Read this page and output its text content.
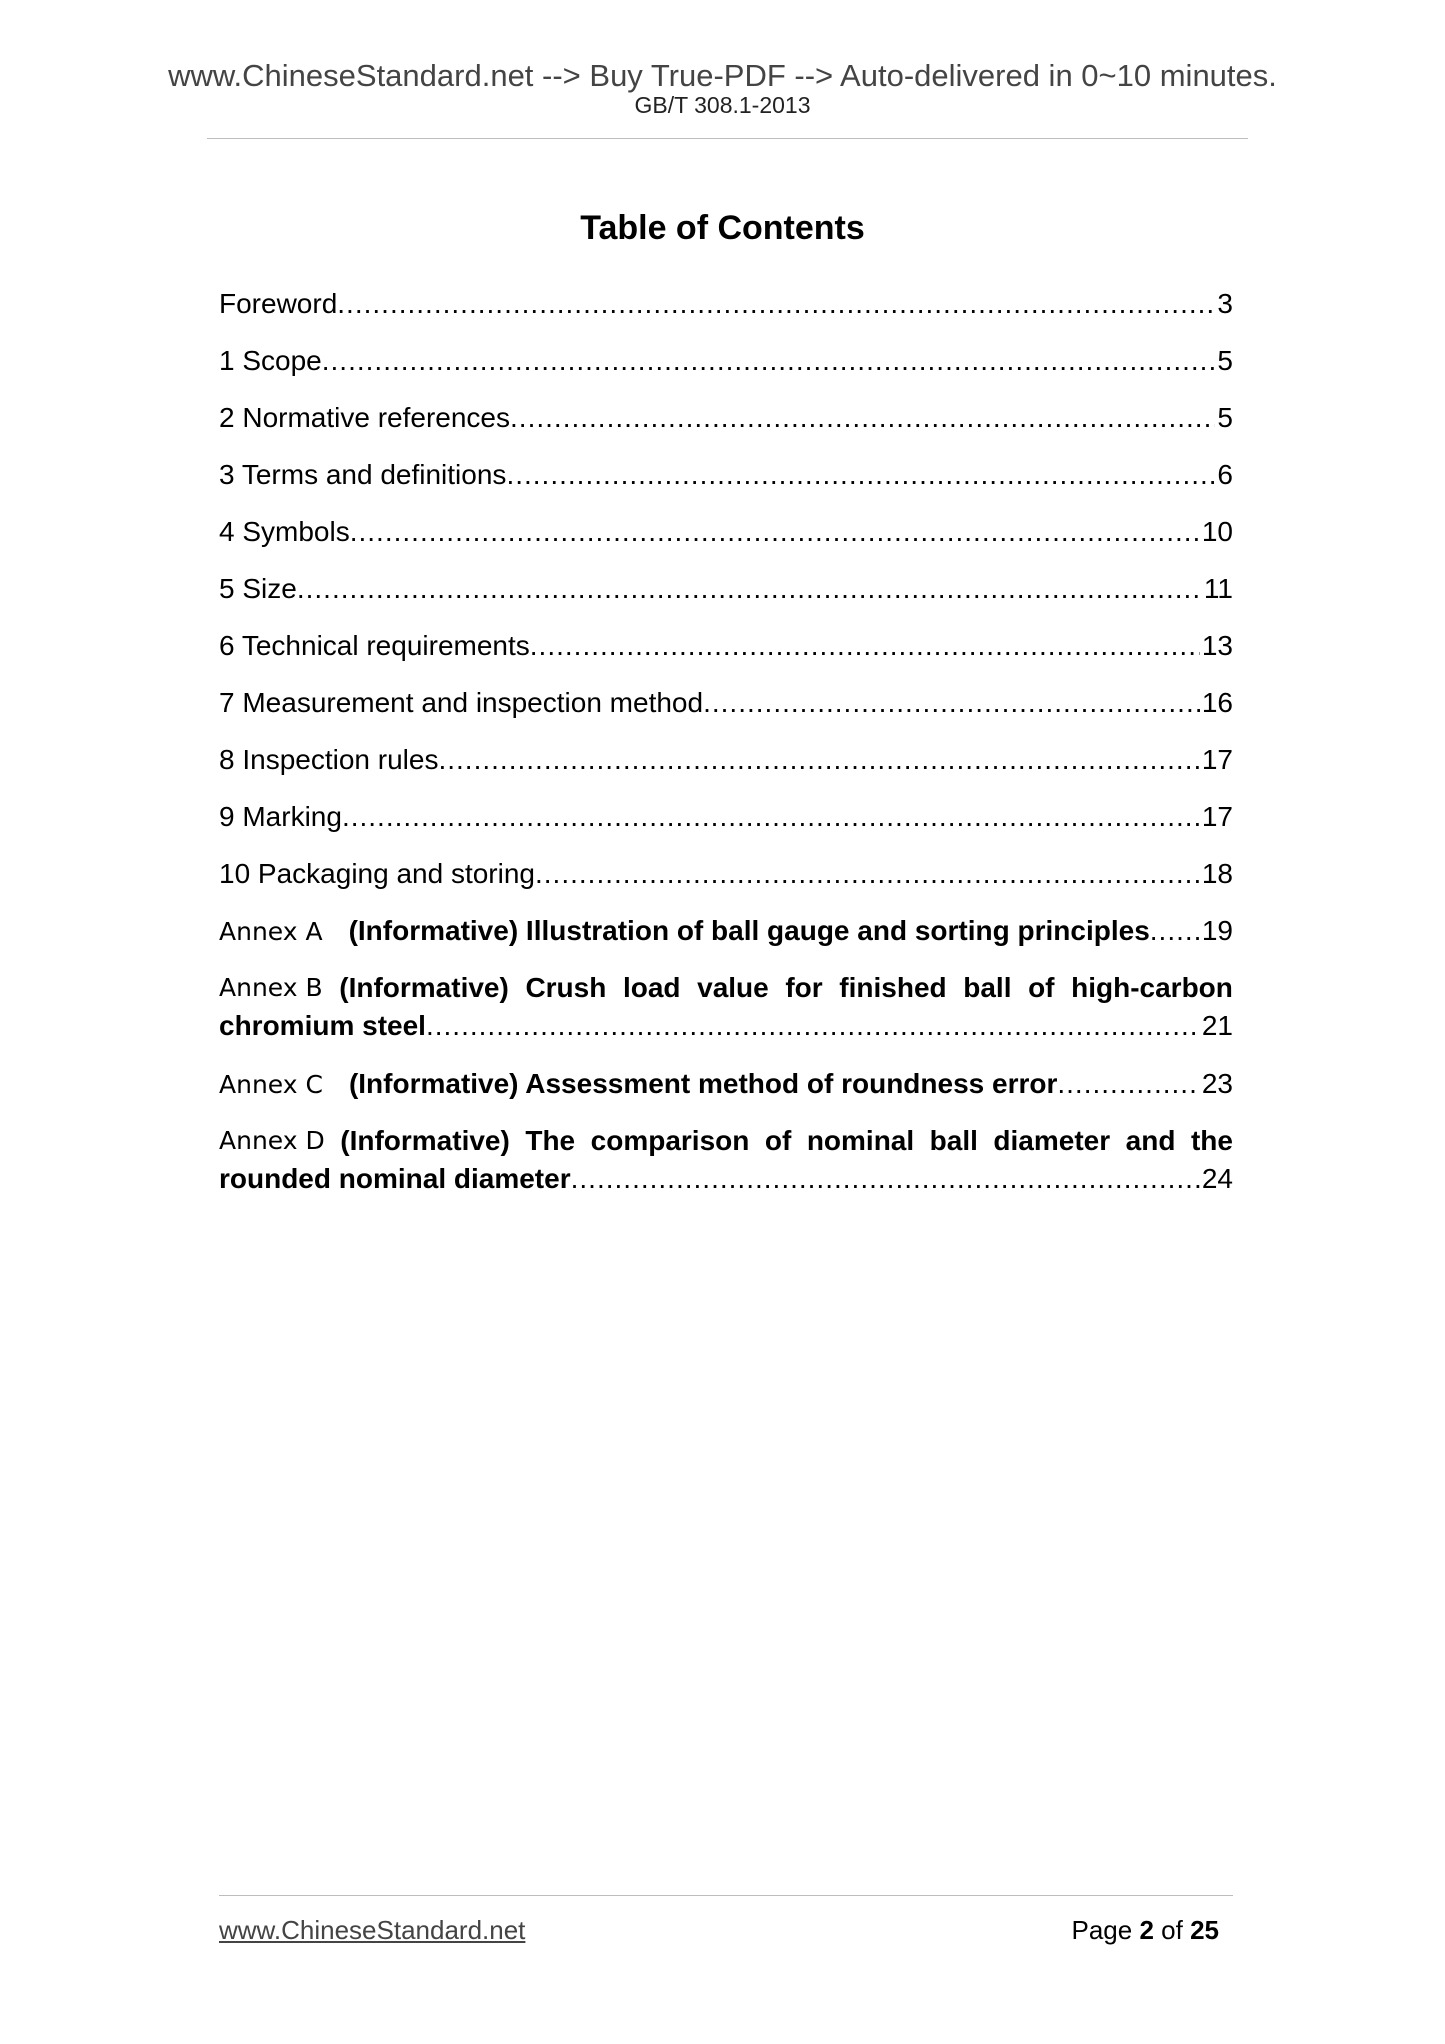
www.ChineseStandard.net --> Buy True-PDF --> Auto-delivered in 0~10 minutes.
GB/T 308.1-2013
Table of Contents
Foreword .....	3
1 Scope .....	5
2 Normative references .....	5
3 Terms and definitions .....	6
4 Symbols .....	10
5 Size .....	11
6 Technical requirements .....	13
7 Measurement and inspection method .....	16
8 Inspection rules .....	17
9 Marking .....	17
10 Packaging and storing .....	18
Annex A (Informative) Illustration of ball gauge and sorting principles ..... 19
Annex B (Informative) Crush load value for finished ball of high-carbon
chromium steel .....	21
Annex C (Informative) Assessment method of roundness error .....	23
Annex D (Informative) The comparison of nominal ball diameter and the
rounded nominal diameter .....	24
www.ChineseStandard.net	Page 2 of 25
